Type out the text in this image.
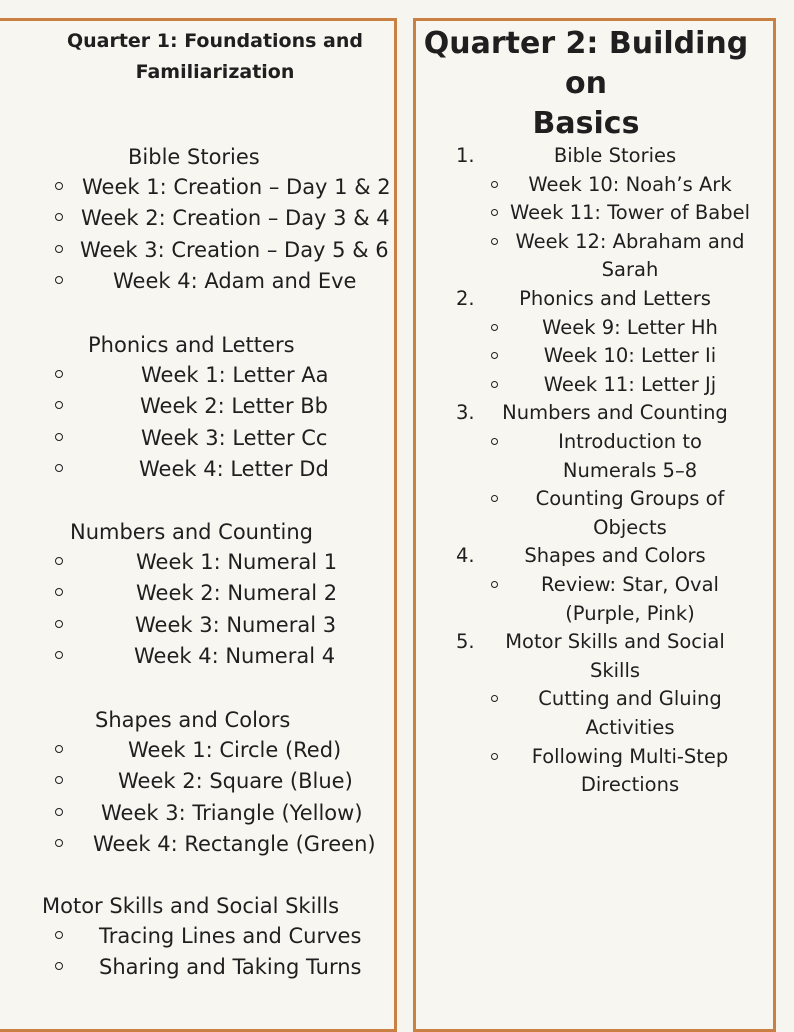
Quarter 1: Foundations and
Familiarization
Bible Stories
Week 1: Creation – Day 1 & 2
Week 2: Creation – Day 3 & 4
Week 3: Creation – Day 5 & 6
Week 4: Adam and Eve
Phonics and Letters
Week 1: Letter Aa
Week 2: Letter Bb
Week 3: Letter Cc
Week 4: Letter Dd
Numbers and Counting
Week 1: Numeral 1
Week 2: Numeral 2
Week 3: Numeral 3
Week 4: Numeral 4
Shapes and Colors
Week 1: Circle (Red)
Week 2: Square (Blue)
Week 3: Triangle (Yellow)
Week 4: Rectangle (Green)
Motor Skills and Social Skills
Tracing Lines and Curves
Sharing and Taking Turns
Quarter 2: Building on
Basics
1.	Bible Stories
Week 10: Noah’s Ark
Week 11: Tower of Babel
Week 12: Abraham and
Sarah
2.	Phonics and Letters
Week 9: Letter Hh
Week 10: Letter Ii
Week 11: Letter Jj
3.	Numbers and Counting
Introduction to
Numerals 5–8
Counting Groups of
Objects
4.	Shapes and Colors
Review: Star, Oval
(Purple, Pink)
5.	Motor Skills and Social
Skills
Cutting and Gluing
Activities
Following Multi-Step
Directions
